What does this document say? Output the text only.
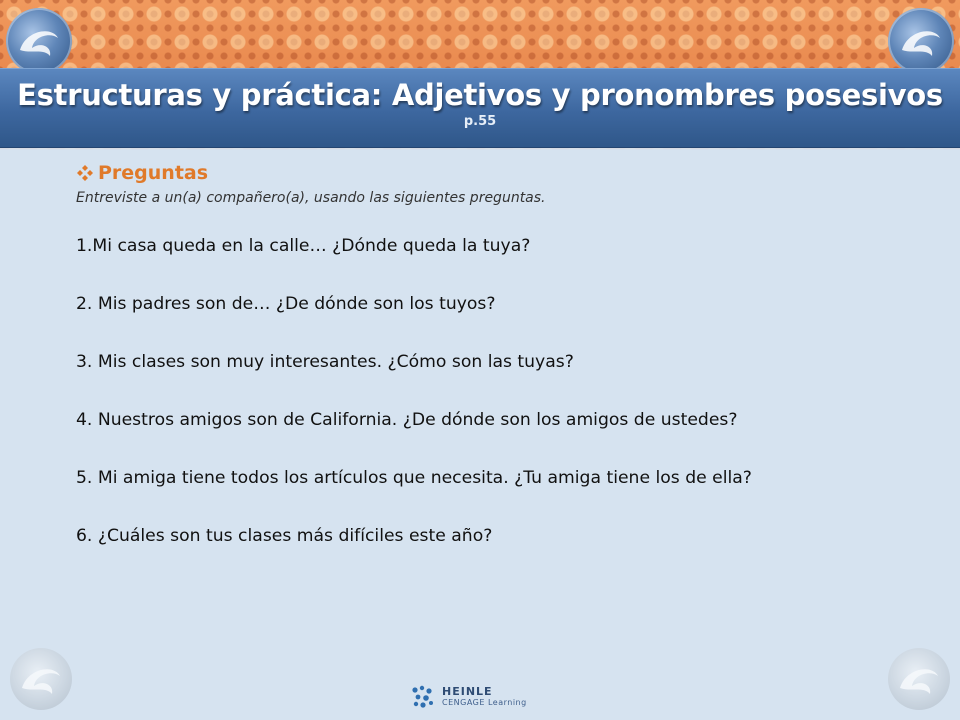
Estructuras y práctica: Adjetivos y pronombres posesivos
p.55
Preguntas
Entreviste a un(a) compañero(a), usando las siguientes preguntas.
1.Mi casa queda en la calle… ¿Dónde queda la tuya?
2. Mis padres son de… ¿De dónde son los tuyos?
3. Mis clases son muy interesantes. ¿Cómo son las tuyas?
4. Nuestros amigos son de California. ¿De dónde son los amigos de ustedes?
5. Mi amiga tiene todos los artículos que necesita. ¿Tu amiga tiene los de ella?
6. ¿Cuáles son tus clases más difíciles este año?
HEINLE
CENGAGE Learning
